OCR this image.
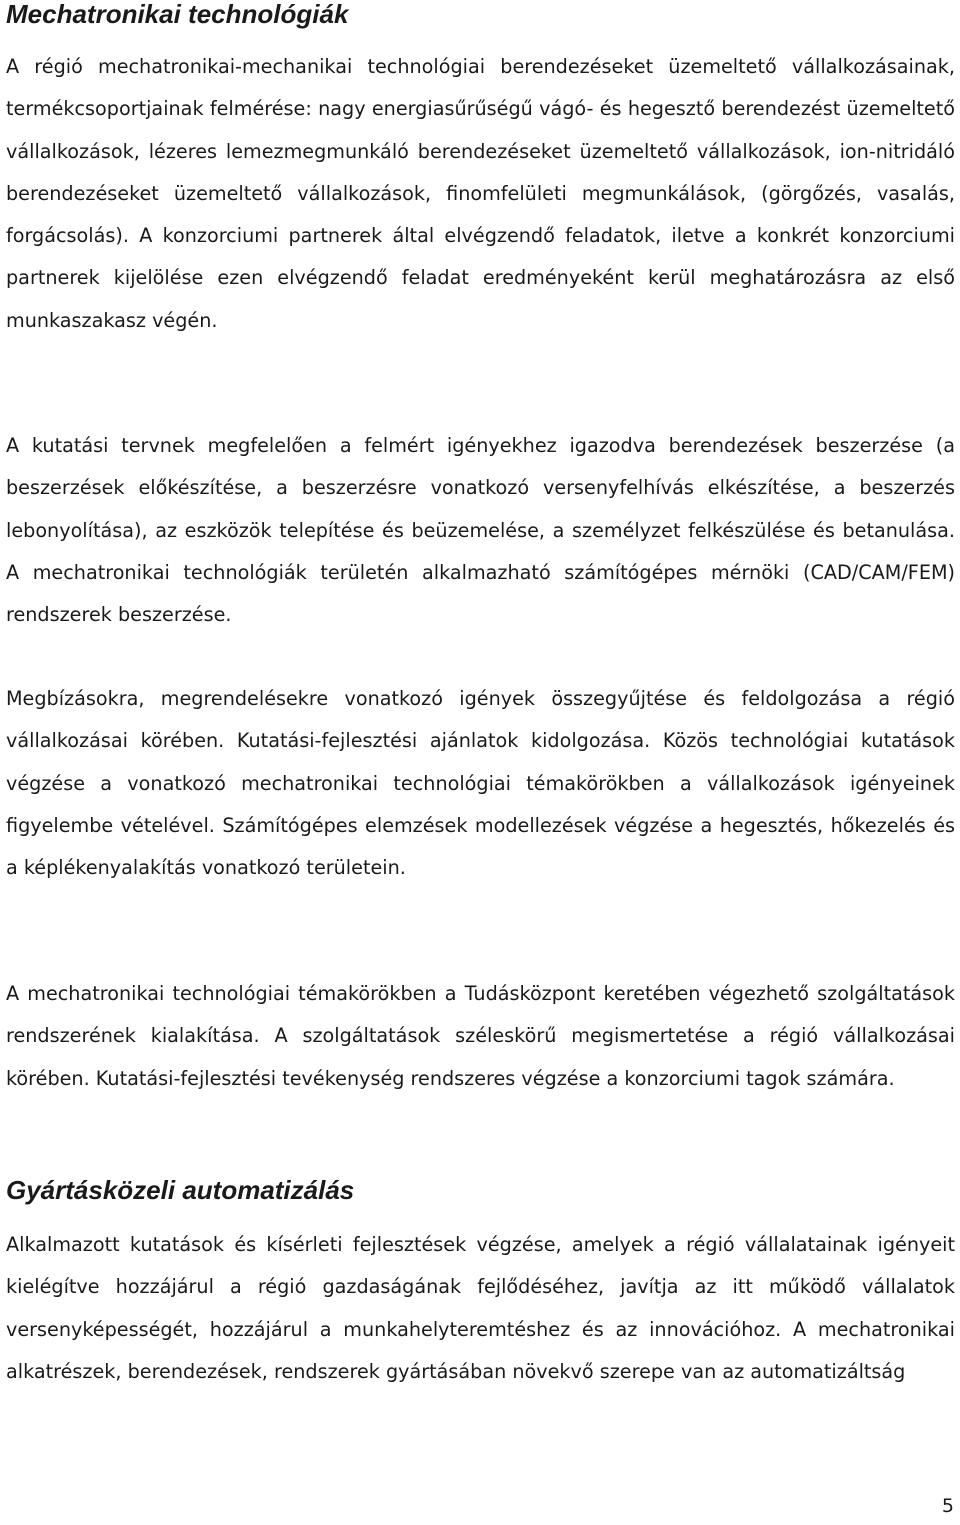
Mechatronikai technológiák

A régió mechatronikai-mechanikai technológiai berendezéseket üzemeltető vállalkozásainak, termékcsoportjainak felmérése: nagy energiasűrűségű vágó- és hegesztő berendezést üzemeltető vállalkozások, lézeres lemezmegmunkáló berendezéseket üzemeltető vállalkozások, ion-nitridáló berendezéseket üzemeltető vállalkozások, finomfelületi megmunkálások, (görgőzés, vasalás, forgácsolás). A konzorciumi partnerek által elvégzendő feladatok, iletve a konkrét konzorciumi partnerek kijelölése ezen elvégzendő feladat eredményeként kerül meghatározásra az első munkaszakasz végén.

A kutatási tervnek megfelelően a felmért igényekhez igazodva berendezések beszerzése (a beszerzések előkészítése, a beszerzésre vonatkozó versenyfelhívás elkészítése, a beszerzés lebonyolítása), az eszközök telepítése és beüzemelése, a személyzet felkészülése és betanulása. A mechatronikai technológiák területén alkalmazható számítógépes mérnöki (CAD/CAM/FEM) rendszerek beszerzése.

Megbízásokra, megrendelésekre vonatkozó igények összegyűjtése és feldolgozása a régió vállalkozásai körében. Kutatási-fejlesztési ajánlatok kidolgozása. Közös technológiai kutatások végzése a vonatkozó mechatronikai technológiai témakörökben a vállalkozások igényeinek figyelembe vételével. Számítógépes elemzések modellezések végzése a hegesztés, hőkezelés és a képlékenyalakítás vonatkozó területein.

A mechatronikai technológiai témakörökben a Tudásközpont keretében végezhető szolgáltatások rendszerének kialakítása. A szolgáltatások széleskörű megismertetése a régió vállalkozásai körében. Kutatási-fejlesztési tevékenység rendszeres végzése a konzorciumi tagok számára.

Gyártásközeli automatizálás

Alkalmazott kutatások és kísérleti fejlesztések végzése, amelyek a régió vállalatainak igényeit kielégítve hozzájárul a régió gazdaságának fejlődéséhez, javítja az itt működő vállalatok versenyképességét, hozzájárul a munkahelyteremtéshez és az innovációhoz. A mechatronikai alkatrészek, berendezések, rendszerek gyártásában növekvő szerepe van az automatizáltság

5
